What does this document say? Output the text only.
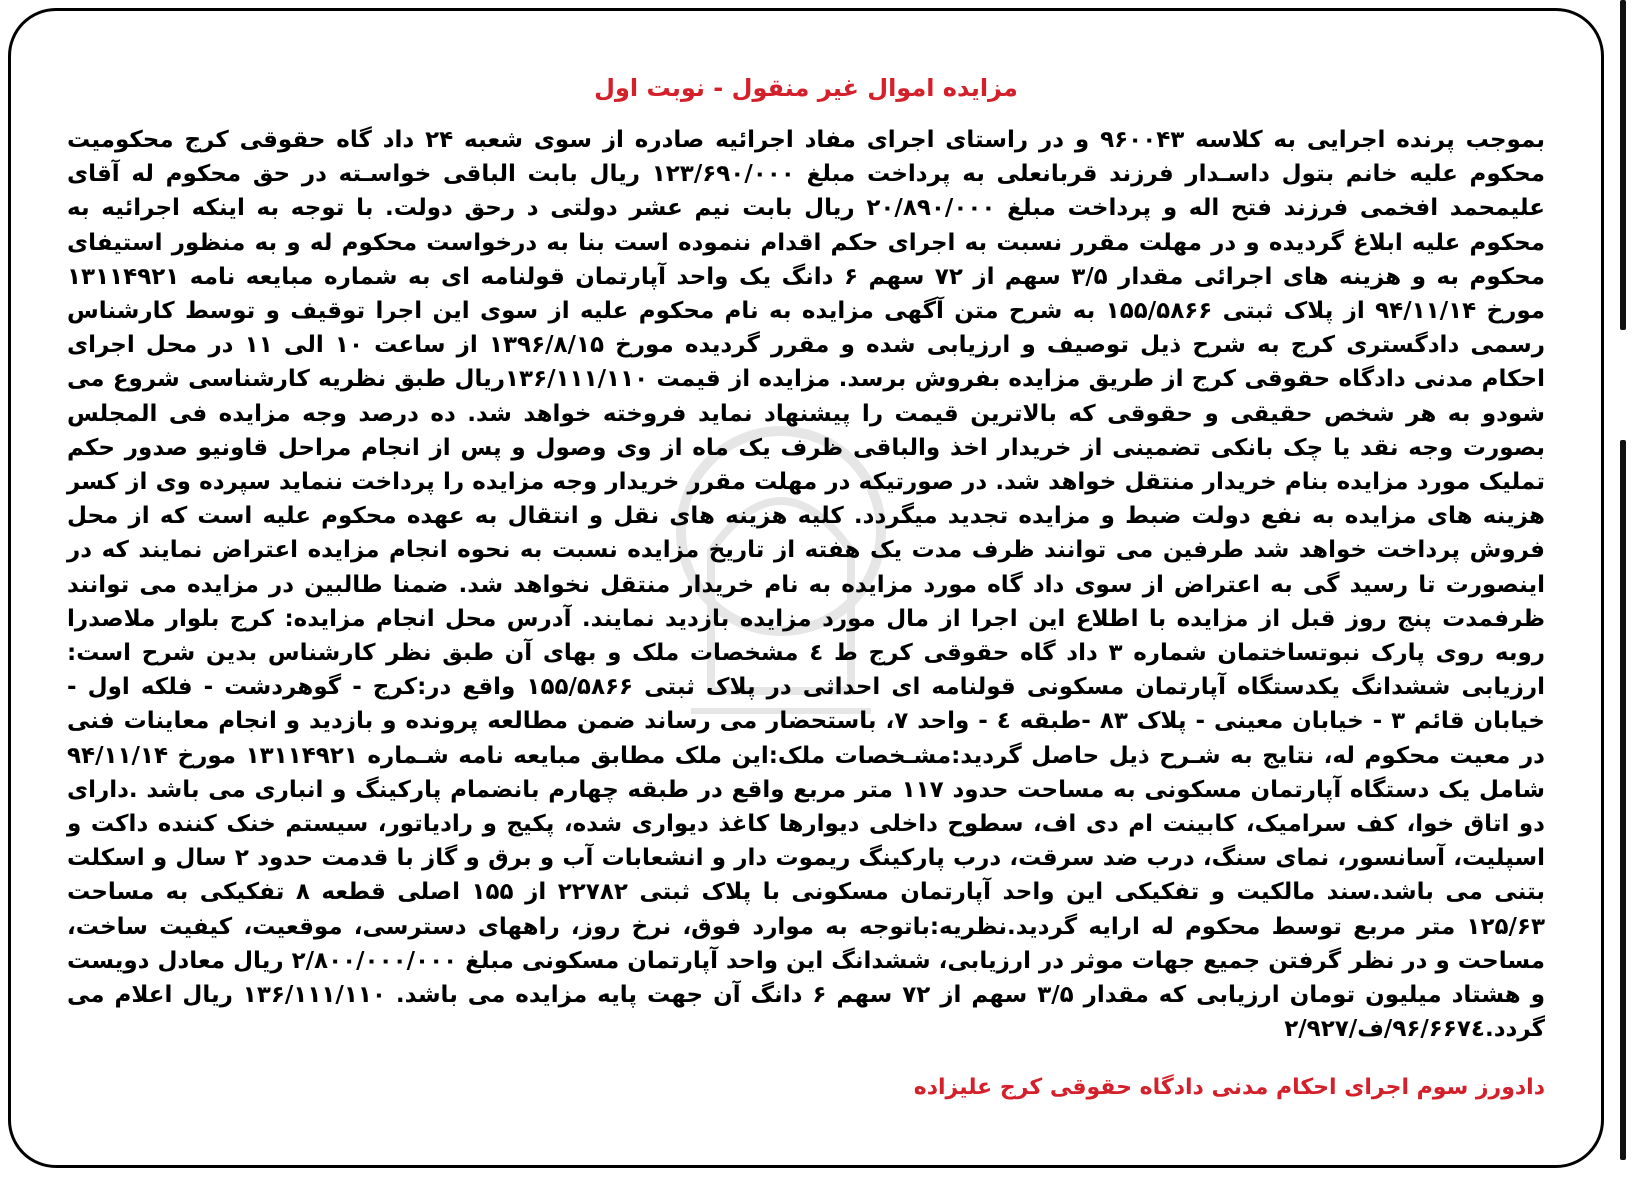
مزایده اموال غیر منقول - نوبت اول

بموجب پرنده اجرایی به کلاسه ۹۶۰۰۴۳ و در راستای اجرای مفاد اجرائیه صادره از سوی شعبه ۲۴ داد گاه حقوقی کرج محکومیت محکوم علیه خانم بتول داسـدار فرزند قربانعلی به پرداخت مبلغ ۱۲۳/۶۹۰/۰۰۰ ریال بابت الباقی خواسـته در حق محکوم له آقای علیمحمد افخمی فرزند فتح اله و پرداخت مبلغ ۲۰/۸۹۰/۰۰۰ ریال بابت نیم عشر دولتی د رحق دولت. با توجه به اینکه اجرائیه به محکوم علیه ابلاغ گردیده و در مهلت مقرر نسبت به اجرای حکم اقدام ننموده است بنا به درخواست محکوم له و به منظور استیفای محکوم به و هزینه های اجرائی مقدار ۳/۵ سهم از ۷۲ سهم ۶ دانگ یک واحد آپارتمان قولنامه ای به شماره مبایعه نامه ۱۳۱۱۴۹۲۱ مورخ ۹۴/۱۱/۱۴ از پلاک ثبتی ۱۵۵/۵۸۶۶ به شرح متن آگهی مزایده به نام محکوم علیه از سوی این اجرا توقیف و توسط کارشناس رسمی دادگستری کرج به شرح ذیل توصیف و ارزیابی شده و مقرر گردیده مورخ ۱۳۹۶/۸/۱۵ از ساعت ۱۰ الی ۱۱ در محل اجرای احکام مدنی دادگاه حقوقی کرج از طریق مزایده بفروش برسد. مزایده از قیمت ۱۳۶/۱۱۱/۱۱۰ریال طبق نظریه کارشناسی شروع می شودو به هر شخص حقیقی و حقوقی که بالاترین قیمت را پیشنهاد نماید فروخته خواهد شد. ده درصد وجه مزایده فی المجلس بصورت وجه نقد یا چک بانکی تضمینی از خریدار اخذ والباقی ظرف یک ماه از وی وصول و پس از انجام مراحل قاونیو صدور حکم تملیک مورد مزایده بنام خریدار منتقل خواهد شد. در صورتیکه در مهلت مقرر خریدار وجه مزایده را پرداخت ننماید سپرده وی از کسر هزینه های مزایده به نفع دولت ضبط و مزایده تجدید میگردد. کلیه هزینه های نقل و انتقال به عهده محکوم علیه است که از محل فروش پرداخت خواهد شد طرفین می توانند ظرف مدت یک هفته از تاریخ مزایده نسبت به نحوه انجام مزایده اعتراض نمایند که در اینصورت تا رسید گی به اعتراض از سوی داد گاه مورد مزایده به نام خریدار منتقل نخواهد شد. ضمنا طالبین در مزایده می توانند ظرفمدت پنج روز قبل از مزایده با اطلاع این اجرا از مال مورد مزایده بازدید نمایند. آدرس محل انجام مزایده: کرج بلوار ملاصدرا روبه روی پارک نبوتساختمان شماره ۳ داد گاه حقوقی کرج ط ٤ مشخصات ملک و بهای آن طبق نظر کارشناس بدین شرح است: ارزیابی ششدانگ یکدستگاه آپارتمان مسکونی قولنامه ای احداثی در پلاک ثبتی ۱۵۵/۵۸۶۶ واقع در:کرج - گوهردشت - فلکه اول - خیابان قائم ۳ - خیابان معینی - پلاک ۸۳ -طبقه ٤ - واحد ۷، باستحضار می رساند ضمن مطالعه پرونده و بازدید و انجام معاینات فنی در معیت محکوم له، نتایج به شـرح ذیل حاصل گردید:مشـخصات ملک:این ملک مطابق مبایعه نامه شـماره ۱۳۱۱۴۹۲۱ مورخ ۹۴/۱۱/۱۴ شامل یک دستگاه آپارتمان مسکونی به مساحت حدود ۱۱۷ متر مربع واقع در طبقه چهارم بانضمام پارکینگ و انباری می باشد .دارای دو اتاق خوا، کف سرامیک، کابینت ام دی اف، سطوح داخلی دیوارها کاغذ دیواری شده، پکیج و رادیاتور، سیستم خنک کننده داکت و اسپلیت، آسانسور، نمای سنگ، درب ضد سرقت، درب پارکینگ ریموت دار و انشعابات آب و برق و گاز با قدمت حدود ۲ سال و اسکلت بتنی می باشد.سند مالکیت و تفکیکی این واحد آپارتمان مسکونی با پلاک ثبتی ۲۲۷۸۲ از ۱۵۵ اصلی قطعه ۸ تفکیکی به مساحت ۱۲۵/۶۳ متر مربع توسط محکوم له ارایه گردید.نظریه:باتوجه به موارد فوق، نرخ روز، راههای دسترسی، موقعیت، کیفیت ساخت، مساحت و در نظر گرفتن جمیع جهات موثر در ارزیابی، ششدانگ این واحد آپارتمان مسکونی مبلغ ۲/۸۰۰/۰۰۰/۰۰۰ ریال معادل دویست و هشتاد میلیون تومان ارزیابی که مقدار ۳/۵ سهم از ۷۲ سهم ۶ دانگ آن جهت پایه مزایده می باشد. ۱۳۶/۱۱۱/۱۱۰ ریال اعلام می گردد.۹۶/۶۶۷٤/ف/۲/۹۲۷

دادورز سوم اجرای احکام مدنی دادگاه حقوقی کرج علیزاده
